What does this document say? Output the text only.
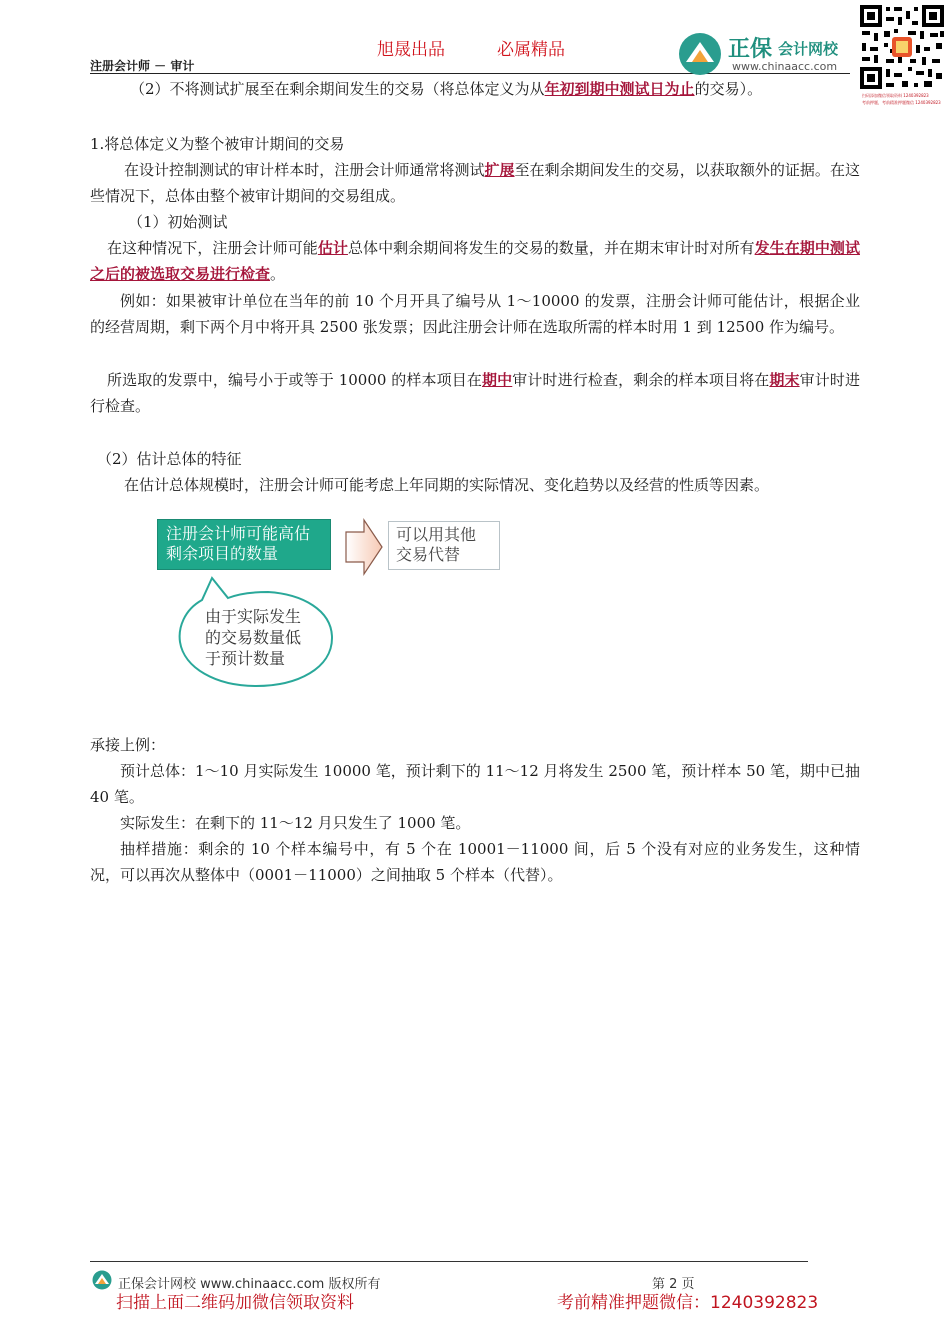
旭晟出品	必属精品
注册会计师 － 审计
正保 会计网校
www.chinaacc.com
扫码添加微信领取资料 1240392823
考前押题，考前精准押题微信 1240392823
（2）不将测试扩展至在剩余期间发生的交易（将总体定义为从年初到期中测试日为止的交易）。
1.将总体定义为整个被审计期间的交易
在设计控制测试的审计样本时，注册会计师通常将测试扩展至在剩余期间发生的交易，以获取额外的证据。在这些情况下，总体由整个被审计期间的交易组成。
（1）初始测试
在这种情况下，注册会计师可能估计总体中剩余期间将发生的交易的数量，并在期末审计时对所有发生在期中测试之后的被选取交易进行检查。
例如：如果被审计单位在当年的前 10 个月开具了编号从 1～10000 的发票，注册会计师可能估计，根据企业的经营周期，剩下两个月中将开具 2500 张发票；因此注册会计师在选取所需的样本时用 1 到 12500 作为编号。
所选取的发票中，编号小于或等于 10000 的样本项目在期中审计时进行检查，剩余的样本项目将在期末审计时进行检查。
（2）估计总体的特征
在估计总体规模时，注册会计师可能考虑上年同期的实际情况、变化趋势以及经营的性质等因素。
注册会计师可能高估
剩余项目的数量
可以用其他
交易代替
由于实际发生
的交易数量低
于预计数量
承接上例：
预计总体：1～10 月实际发生 10000 笔，预计剩下的 11～12 月将发生 2500 笔，预计样本 50 笔，期中已抽 40 笔。
实际发生：在剩下的 11～12 月只发生了 1000 笔。
抽样措施：剩余的 10 个样本编号中，有 5 个在 10001－11000 间，后 5 个没有对应的业务发生，这种情况，可以再次从整体中（0001－11000）之间抽取 5 个样本（代替）。
正保会计网校 www.chinaacc.com 版权所有	第 2 页
扫描上面二维码加微信领取资料	考前精准押题微信：1240392823
